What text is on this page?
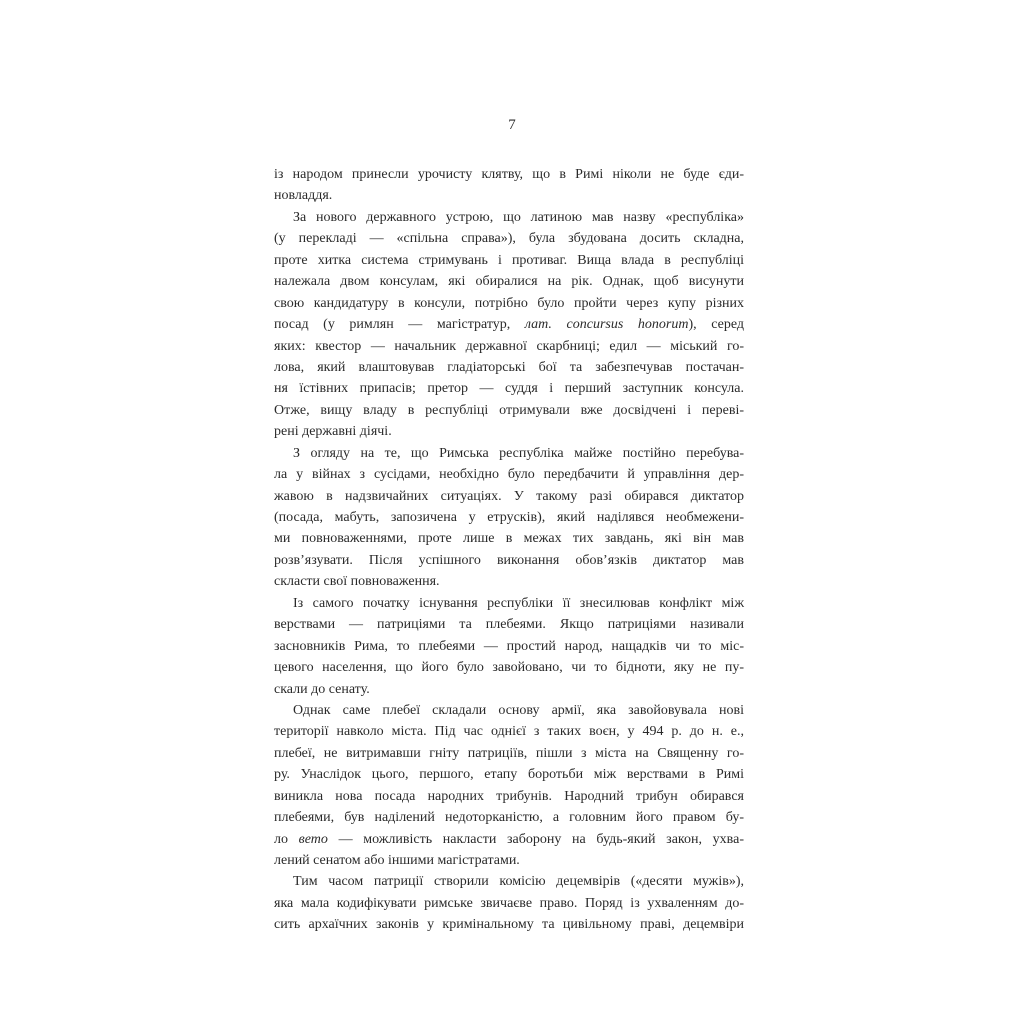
7
із народом принесли урочисту клятву, що в Римі ніколи не буде єди-
новладдя.
За нового державного устрою, що латиною мав назву «республіка»
(у перекладі — «спільна справа»), була збудована досить складна,
проте хитка система стримувань і противаг. Вища влада в республіці
належала двом консулам, які обиралися на рік. Однак, щоб висунути
свою кандидатуру в консули, потрібно було пройти через купу різних
посад (у римлян — магістратур, лат. concursus honorum), серед
яких: квестор — начальник державної скарбниці; едил — міський го-
лова, який влаштовував гладіаторські бої та забезпечував постачан-
ня їстівних припасів; претор — суддя і перший заступник консула.
Отже, вищу владу в республіці отримували вже досвідчені і переві-
рені державні діячі.
З огляду на те, що Римська республіка майже постійно перебува-
ла у війнах з сусідами, необхідно було передбачити й управління дер-
жавою в надзвичайних ситуаціях. У такому разі обирався диктатор
(посада, мабуть, запозичена у етрусків), який наділявся необмежени-
ми повноваженнями, проте лише в межах тих завдань, які він мав
розв’язувати. Після успішного виконання обов’язків диктатор мав
скласти свої повноваження.
Із самого початку існування республіки її знесилював конфлікт між
верствами — патриціями та плебеями. Якщо патриціями називали
засновників Рима, то плебеями — простий народ, нащадків чи то міс-
цевого населення, що його було завойовано, чи то бідноти, яку не пу-
скали до сенату.
Однак саме плебеї складали основу армії, яка завойовувала нові
території навколо міста. Під час однієї з таких воєн, у 494 р. до н. е.,
плебеї, не витримавши гніту патриціїв, пішли з міста на Священну го-
ру. Унаслідок цього, першого, етапу боротьби між верствами в Римі
виникла нова посада народних трибунів. Народний трибун обирався
плебеями, був наділений недоторканістю, а головним його правом бу-
ло вето — можливість накласти заборону на будь-який закон, ухва-
лений сенатом або іншими магістратами.
Тим часом патриції створили комісію децемвірів («десяти мужів»),
яка мала кодифікувати римське звичаєве право. Поряд із ухваленням до-
сить архаїчних законів у кримінальному та цивільному праві, децемвіри
